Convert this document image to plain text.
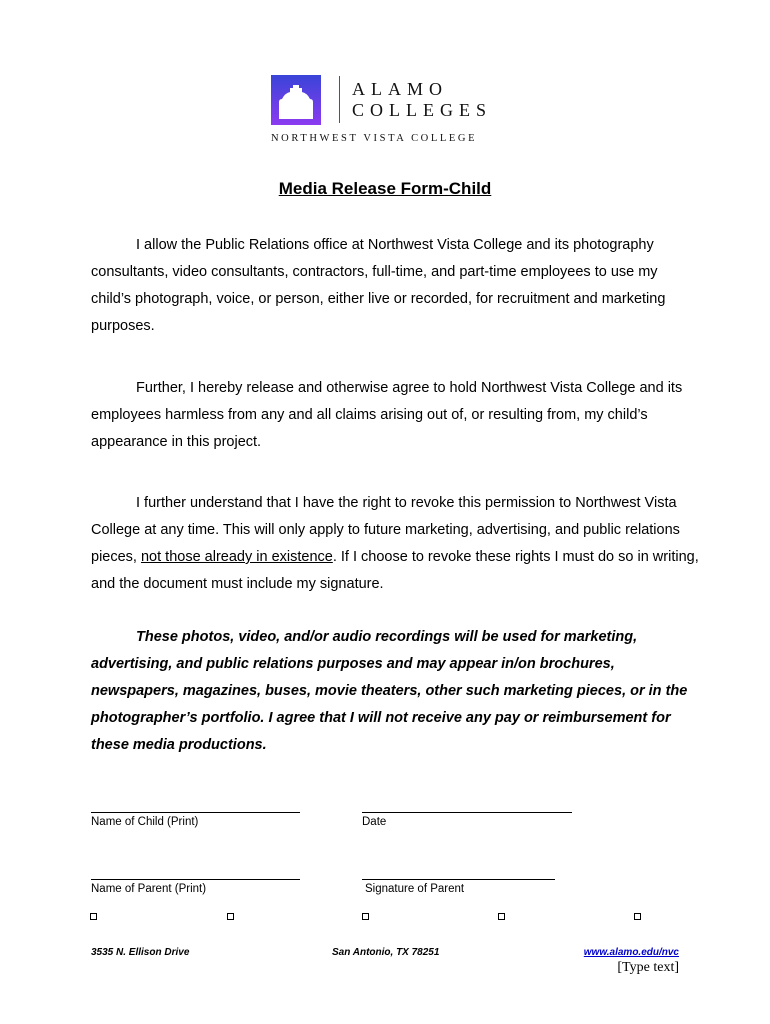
ALAMO
COLLEGES
NORTHWEST VISTA COLLEGE
Media Release Form-Child

I allow the Public Relations office at Northwest Vista College and its photography consultants, video consultants, contractors, full-time, and part-time employees to use my child’s photograph, voice, or person, either live or recorded, for recruitment and marketing purposes.

Further, I hereby release and otherwise agree to hold Northwest Vista College and its employees harmless from any and all claims arising out of, or resulting from, my child’s appearance in this project.

I further understand that I have the right to revoke this permission to Northwest Vista College at any time. This will only apply to future marketing, advertising, and public relations pieces, not those already in existence. If I choose to revoke these rights I must do so in writing, and the document must include my signature.

These photos, video, and/or audio recordings will be used for marketing, advertising, and public relations purposes and may appear in/on brochures, newspapers, magazines, buses, movie theaters, other such marketing pieces, or in the photographer’s portfolio. I agree that I will not receive any pay or reimbursement for these media productions.

Name of Child (Print)	Date
Name of Parent (Print)	Signature of Parent
3535 N. Ellison Drive	San Antonio, TX 78251	www.alamo.edu/nvc
[Type text]
